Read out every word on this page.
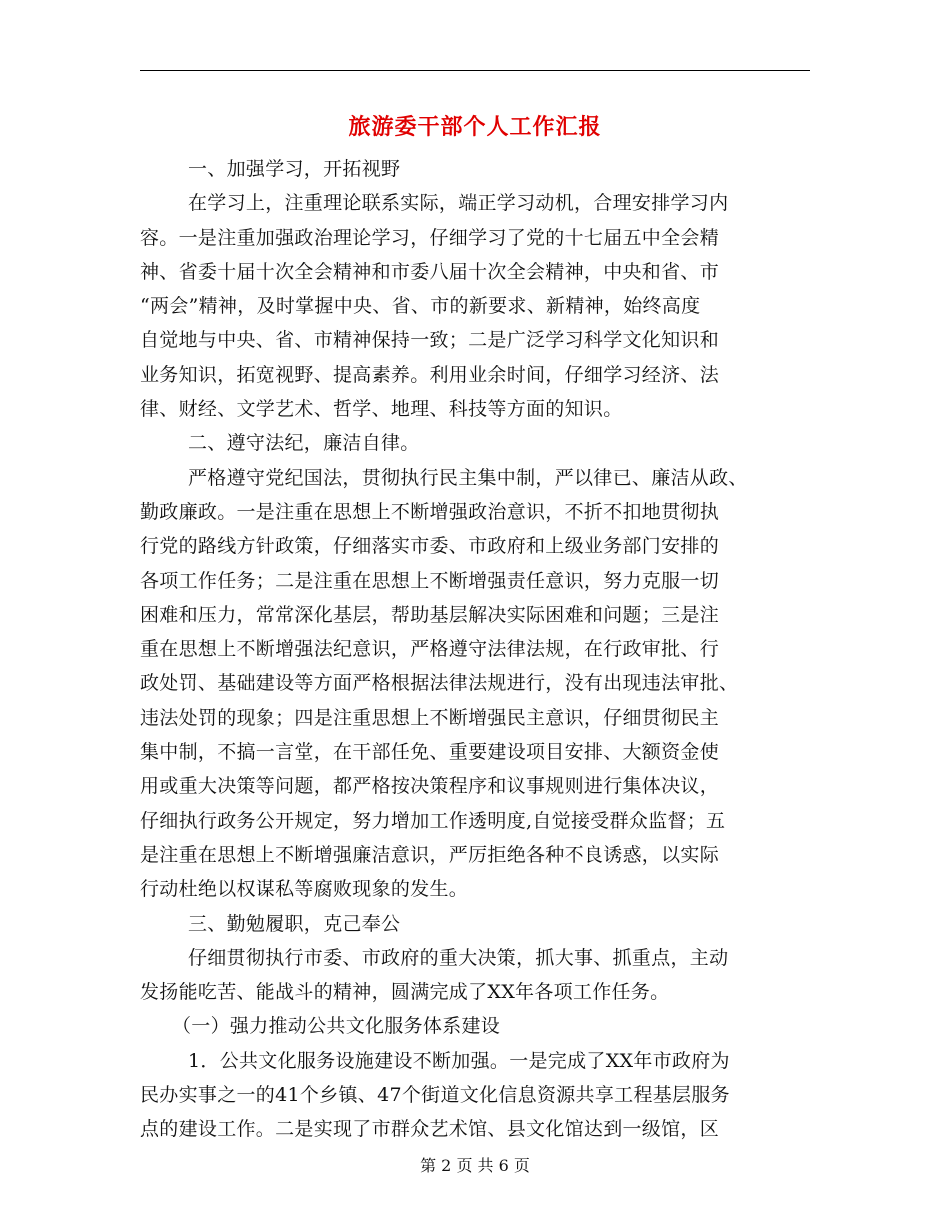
旅游委干部个人工作汇报
一、加强学习，开拓视野
在学习上，注重理论联系实际，端正学习动机，合理安排学习内
容。一是注重加强政治理论学习，仔细学习了党的十七届五中全会精
神、省委十届十次全会精神和市委八届十次全会精神，中央和省、市
“两会”精神，及时掌握中央、省、市的新要求、新精神，始终高度
自觉地与中央、省、市精神保持一致；二是广泛学习科学文化知识和
业务知识，拓宽视野、提高素养。利用业余时间，仔细学习经济、法
律、财经、文学艺术、哲学、地理、科技等方面的知识。
二、遵守法纪，廉洁自律。
严格遵守党纪国法，贯彻执行民主集中制，严以律已、廉洁从政、
勤政廉政。一是注重在思想上不断增强政治意识，不折不扣地贯彻执
行党的路线方针政策，仔细落实市委、市政府和上级业务部门安排的
各项工作任务；二是注重在思想上不断增强责任意识，努力克服一切
困难和压力，常常深化基层，帮助基层解决实际困难和问题；三是注
重在思想上不断增强法纪意识，严格遵守法律法规，在行政审批、行
政处罚、基础建设等方面严格根据法律法规进行，没有出现违法审批、
违法处罚的现象；四是注重思想上不断增强民主意识，仔细贯彻民主
集中制，不搞一言堂，在干部任免、重要建设项目安排、大额资金使
用或重大决策等问题，都严格按决策程序和议事规则进行集体决议，
仔细执行政务公开规定，努力增加工作透明度,自觉接受群众监督；五
是注重在思想上不断增强廉洁意识，严厉拒绝各种不良诱惑，以实际
行动杜绝以权谋私等腐败现象的发生。
三、勤勉履职，克己奉公
仔细贯彻执行市委、市政府的重大决策，抓大事、抓重点，主动
发扬能吃苦、能战斗的精神，圆满完成了XX年各项工作任务。
（一）强力推动公共文化服务体系建设
1．公共文化服务设施建设不断加强。一是完成了XX年市政府为
民办实事之一的41个乡镇、47个街道文化信息资源共享工程基层服务
点的建设工作。二是实现了市群众艺术馆、县文化馆达到一级馆，区
第 2 页 共 6 页
